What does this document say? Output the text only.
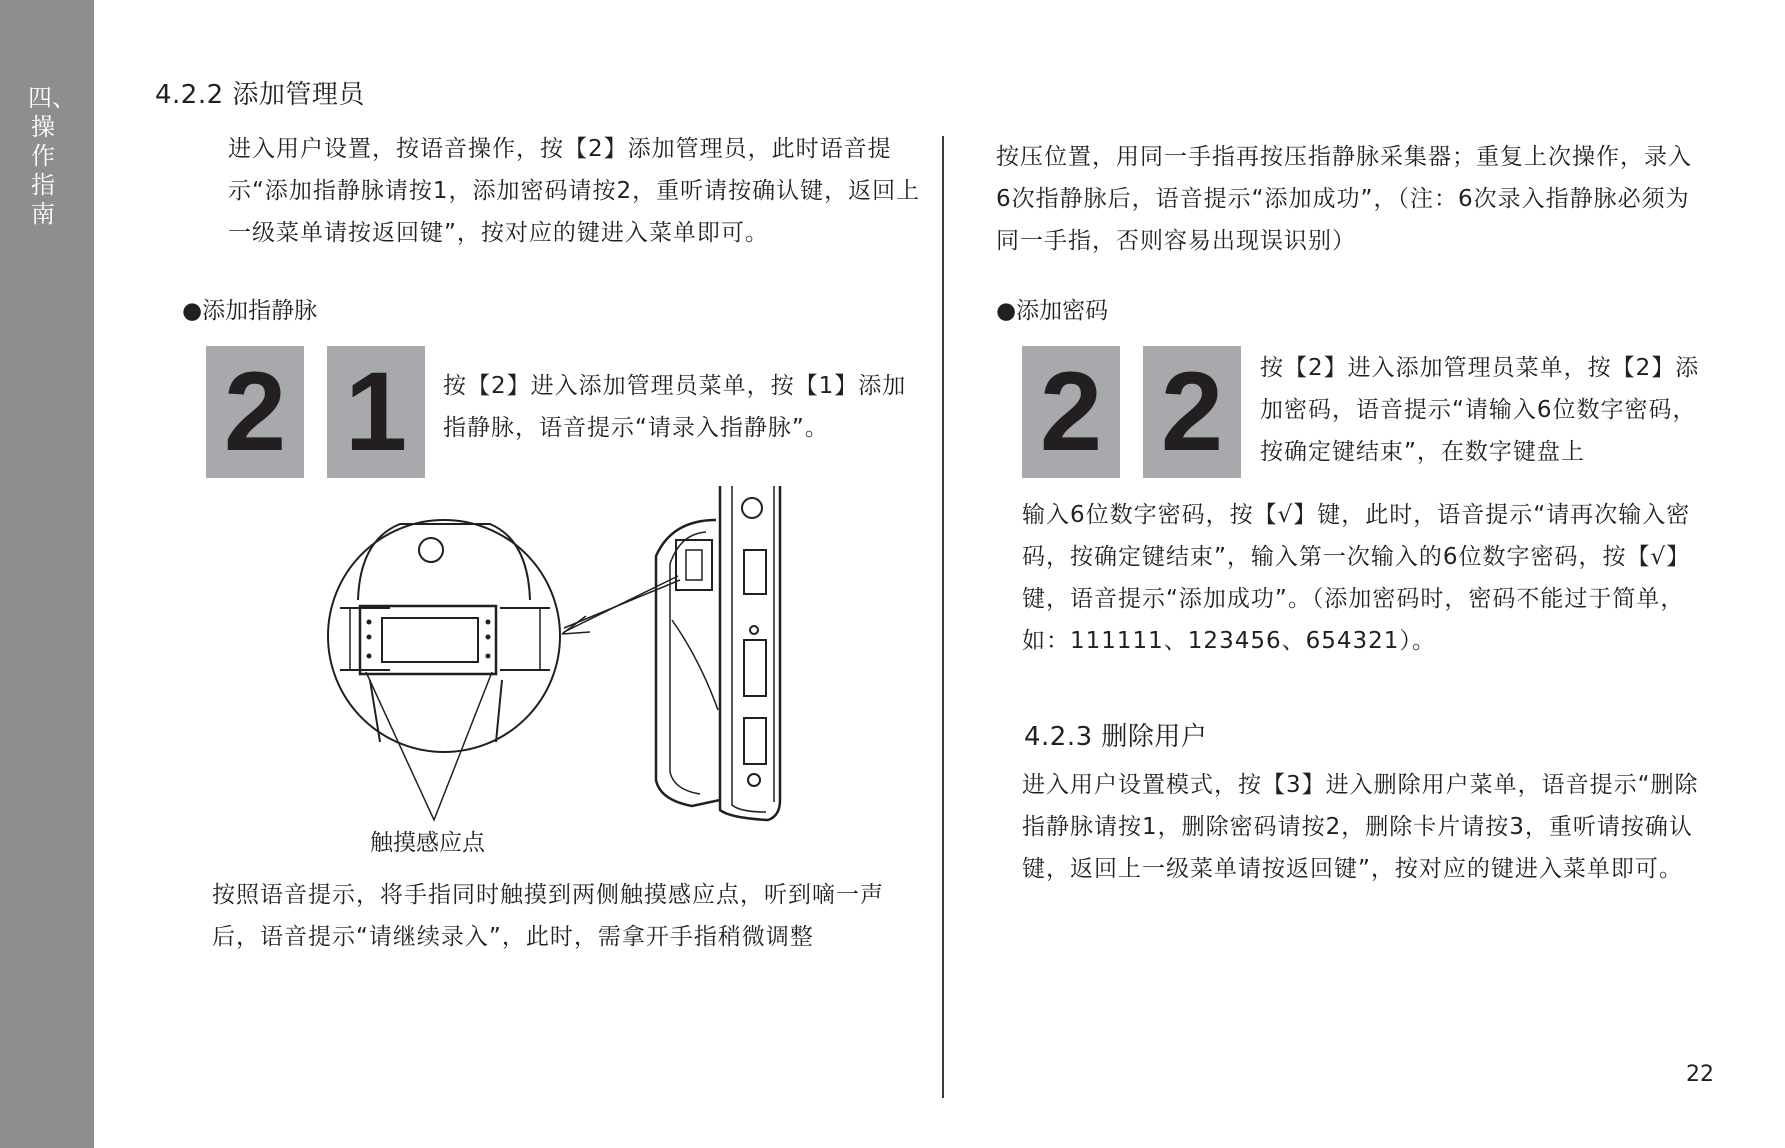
四、操作指南
4.2.2 添加管理员
进入用户设置，按语音操作，按【2】添加管理员，此时语音提示“添加指静脉请按1，添加密码请按2，重听请按确认键，返回上一级菜单请按返回键”，按对应的键进入菜单即可。
●添加指静脉
2 1	按【2】进入添加管理员菜单，按【1】添加指静脉，语音提示“请录入指静脉”。
触摸感应点
按照语音提示，将手指同时触摸到两侧触摸感应点，听到嘀一声后，语音提示“请继续录入”，此时，需拿开手指稍微调整
按压位置，用同一手指再按压指静脉采集器；重复上次操作，录入6次指静脉后，语音提示“添加成功”，（注：6次录入指静脉必须为同一手指，否则容易出现误识别）
●添加密码
2 2	按【2】进入添加管理员菜单，按【2】添加密码，语音提示“请输入6位数字密码，按确定键结束”，在数字键盘上
输入6位数字密码，按【√】键，此时，语音提示“请再次输入密码，按确定键结束”，输入第一次输入的6位数字密码，按【√】键，语音提示“添加成功”。（添加密码时，密码不能过于简单，如：111111、123456、654321）。
4.2.3 删除用户
进入用户设置模式，按【3】进入删除用户菜单，语音提示“删除指静脉请按1，删除密码请按2，删除卡片请按3，重听请按确认键，返回上一级菜单请按返回键”，按对应的键进入菜单即可。
22
